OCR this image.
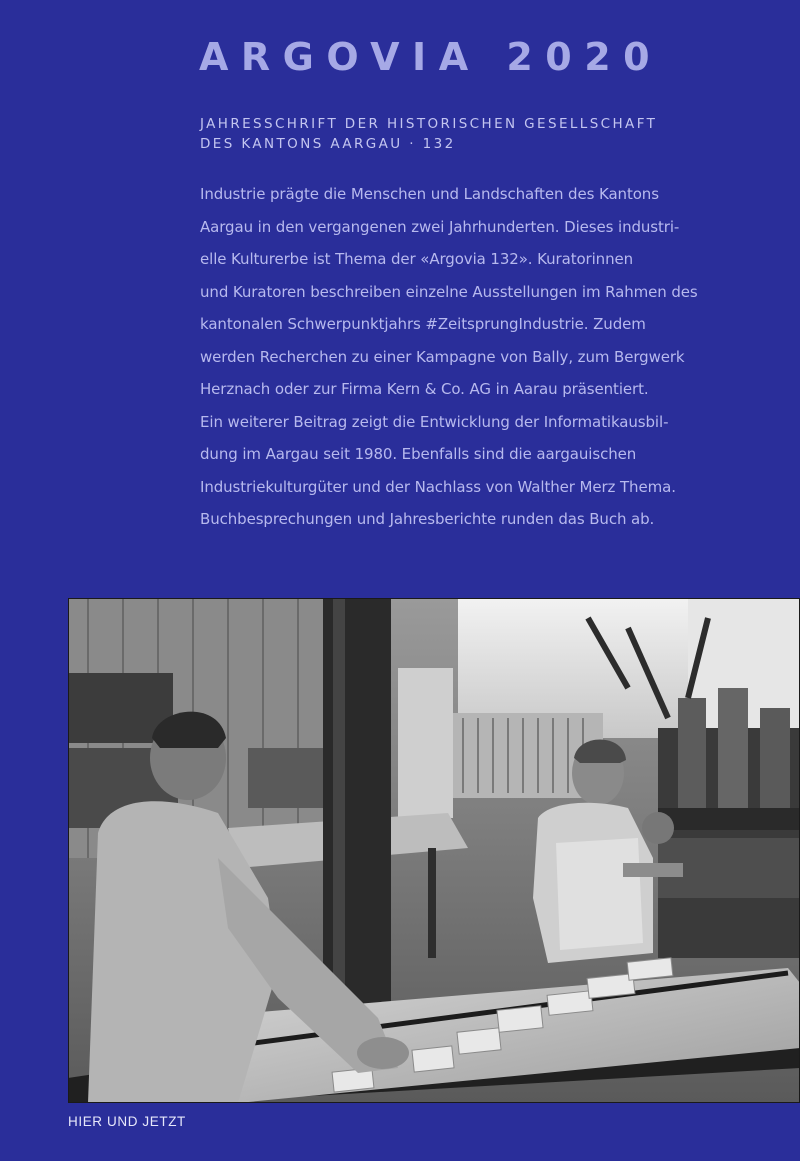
ARGOVIA 2020
JAHRESSCHRIFT DER HISTORISCHEN GESELLSCHAFT
DES KANTONS AARGAU · 132
Industrie prägte die Menschen und Landschaften des Kantons
Aargau in den vergangenen zwei Jahrhunderten. Dieses industri-
elle Kulturerbe ist Thema der «Argovia 132». Kuratorinnen
und Kuratoren beschreiben einzelne Ausstellungen im Rahmen des
kantonalen Schwerpunktjahrs #ZeitsprungIndustrie. Zudem
werden Recherchen zu einer Kampagne von Bally, zum Bergwerk
Herznach oder zur Firma Kern & Co. AG in Aarau präsentiert.
Ein weiterer Beitrag zeigt die Entwicklung der Informatikausbil-
dung im Aargau seit 1980. Ebenfalls sind die aargauischen
Industriekulturgüter und der Nachlass von Walther Merz Thema.
Buchbesprechungen und Jahresberichte runden das Buch ab.
HIER UND JETZT
